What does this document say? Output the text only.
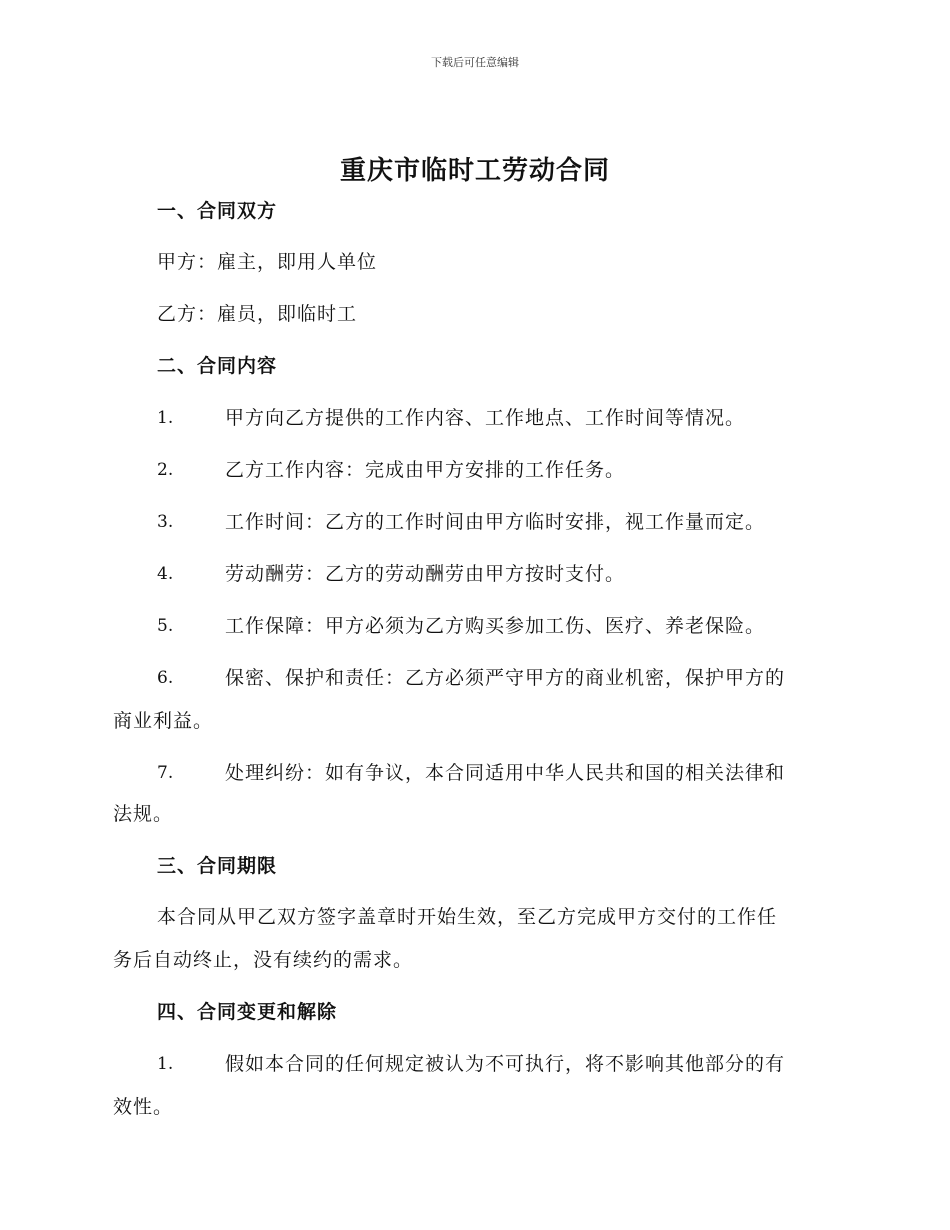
下载后可任意编辑
重庆市临时工劳动合同
一、合同双方
甲方：雇主，即用人单位
乙方：雇员，即临时工
二、合同内容
1.	甲方向乙方提供的工作内容、工作地点、工作时间等情况。
2.	乙方工作内容：完成由甲方安排的工作任务。
3.	工作时间：乙方的工作时间由甲方临时安排，视工作量而定。
4.	劳动酬劳：乙方的劳动酬劳由甲方按时支付。
5.	工作保障：甲方必须为乙方购买参加工伤、医疗、养老保险。
6.	保密、保护和责任：乙方必须严守甲方的商业机密，保护甲方的
商业利益。
7.	处理纠纷：如有争议，本合同适用中华人民共和国的相关法律和
法规。
三、合同期限
本合同从甲乙双方签字盖章时开始生效，至乙方完成甲方交付的工作任
务后自动终止，没有续约的需求。
四、合同变更和解除
1.	假如本合同的任何规定被认为不可执行，将不影响其他部分的有
效性。
